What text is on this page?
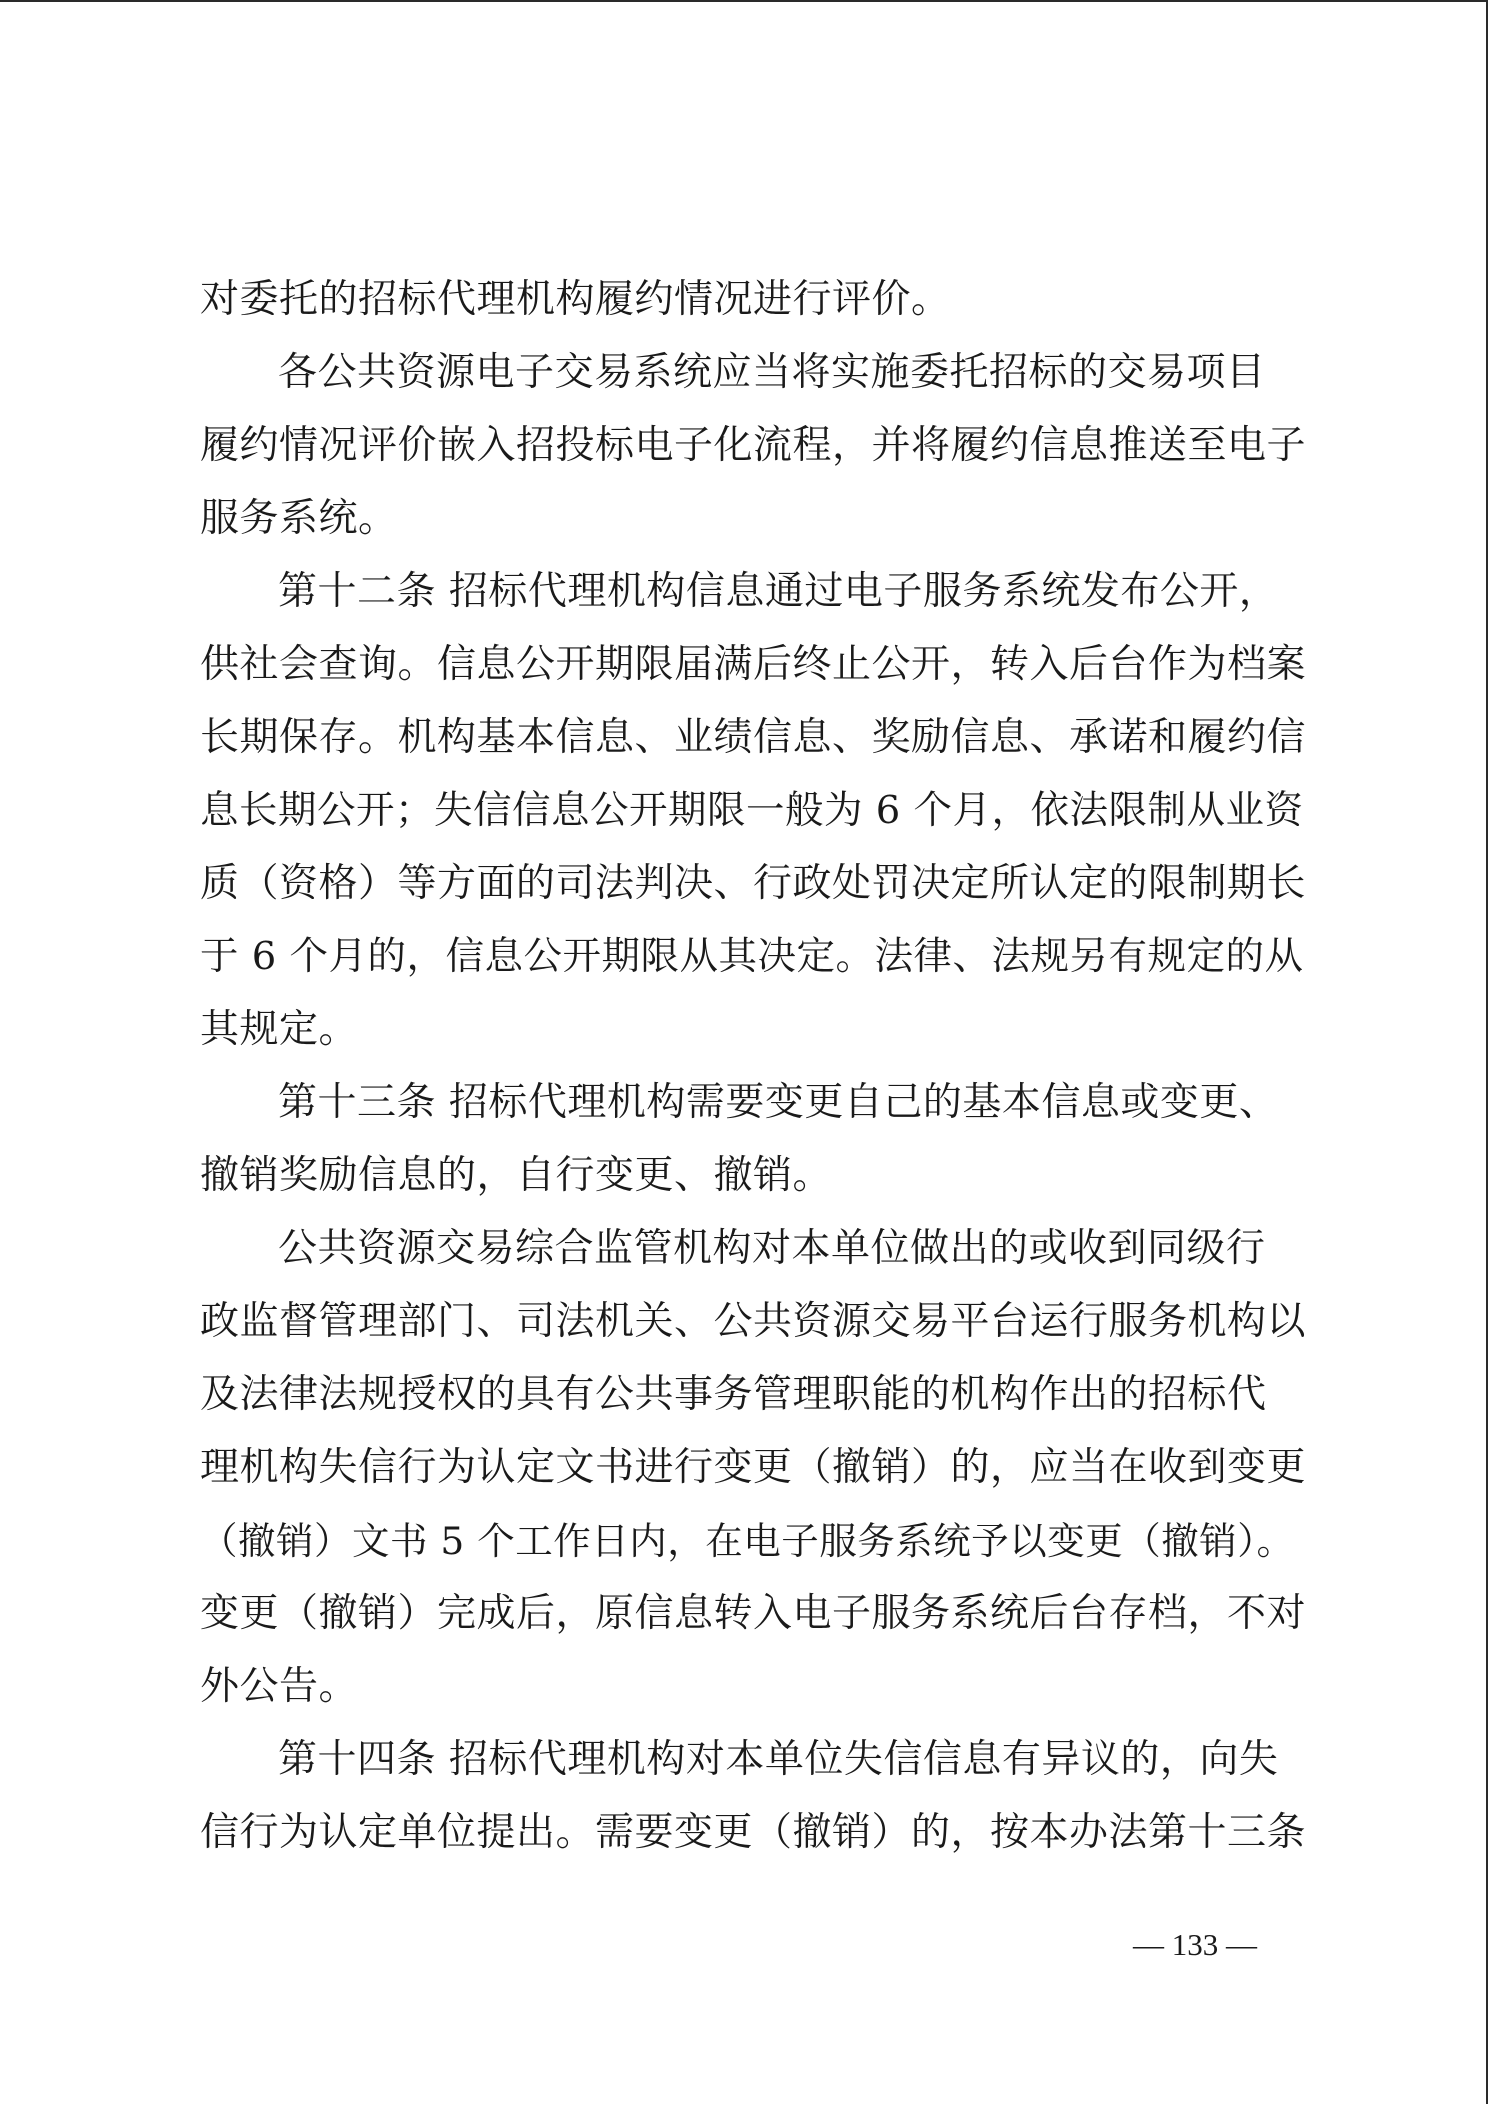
对委托的招标代理机构履约情况进行评价。
各公共资源电子交易系统应当将实施委托招标的交易项目
履约情况评价嵌入招投标电子化流程，并将履约信息推送至电子
服务系统。
第十二条 招标代理机构信息通过电子服务系统发布公开，
供社会查询。信息公开期限届满后终止公开，转入后台作为档案
长期保存。机构基本信息、业绩信息、奖励信息、承诺和履约信
息长期公开；失信信息公开期限一般为 6 个月，依法限制从业资
质（资格）等方面的司法判决、行政处罚决定所认定的限制期长
于 6 个月的，信息公开期限从其决定。法律、法规另有规定的从
其规定。
第十三条 招标代理机构需要变更自己的基本信息或变更、
撤销奖励信息的，自行变更、撤销。
公共资源交易综合监管机构对本单位做出的或收到同级行
政监督管理部门、司法机关、公共资源交易平台运行服务机构以
及法律法规授权的具有公共事务管理职能的机构作出的招标代
理机构失信行为认定文书进行变更（撤销）的，应当在收到变更
（撤销）文书 5 个工作日内，在电子服务系统予以变更（撤销）。
变更（撤销）完成后，原信息转入电子服务系统后台存档，不对
外公告。
第十四条 招标代理机构对本单位失信信息有异议的，向失
信行为认定单位提出。需要变更（撤销）的，按本办法第十三条
— 133 —
